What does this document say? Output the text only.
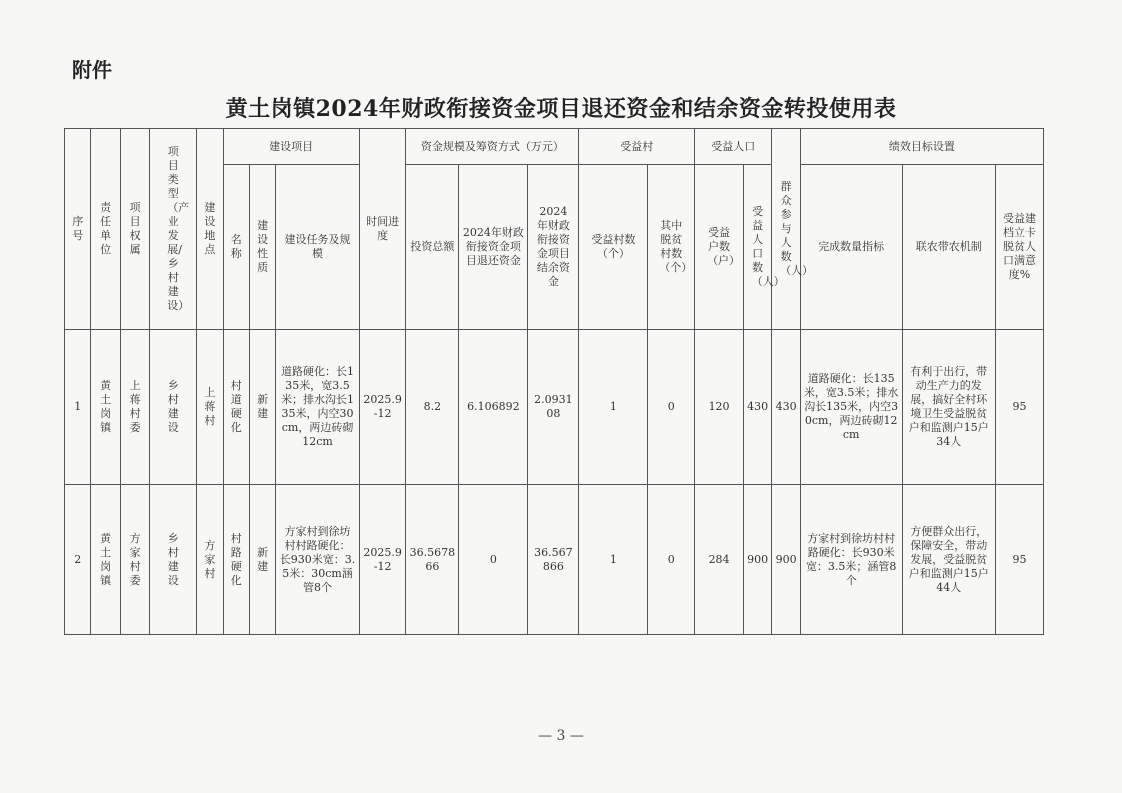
附件
黄土岗镇2024年财政衔接资金项目退还资金和结余资金转投使用表
序号	责任单位	项目权属	项目类型（产业发展/乡村建设）	建设地点	建设项目			时间进度	资金规模及筹资方式（万元）			受益村		受益人口		群众参与人数（人）	绩效目标设置		
					名称	建设性质	建设任务及规模		投资总额	2024年财政衔接资金项目退还资金	2024年财政衔接资金项目结余资金	受益村数（个）	其中脱贫村数（个）	受益户数（户）	受益人口数（人）		完成数量指标	联农带农机制	受益建档立卡脱贫人口满意度%
1	黄土岗镇	上蒋村委	乡村建设	上蒋村	村道硬化	新建	道路硬化：长135米，宽3.5米；排水沟长135米，内空30cm，两边砖砌12cm	2025.9-12	8.2	6.106892	2.093108	1	0	120	430	430	道路硬化：长135米，宽3.5米；排水沟长135米，内空30cm，两边砖砌12cm	有利于出行，带动生产力的发展，搞好全村环境卫生受益脱贫户和监测户15户34人	95
2	黄土岗镇	方家村委	乡村建设	方家村	村路硬化	新建	方家村到徐坊村村路硬化：长930米宽：3.5米：30cm涵管8个	2025.9-12	36.567866	0	36.567866	1	0	284	900	900	方家村到徐坊村村路硬化：长930米宽：3.5米；涵管8个	方便群众出行，保障安全，带动发展，受益脱贫户和监测户15户44人	95
— 3 —
